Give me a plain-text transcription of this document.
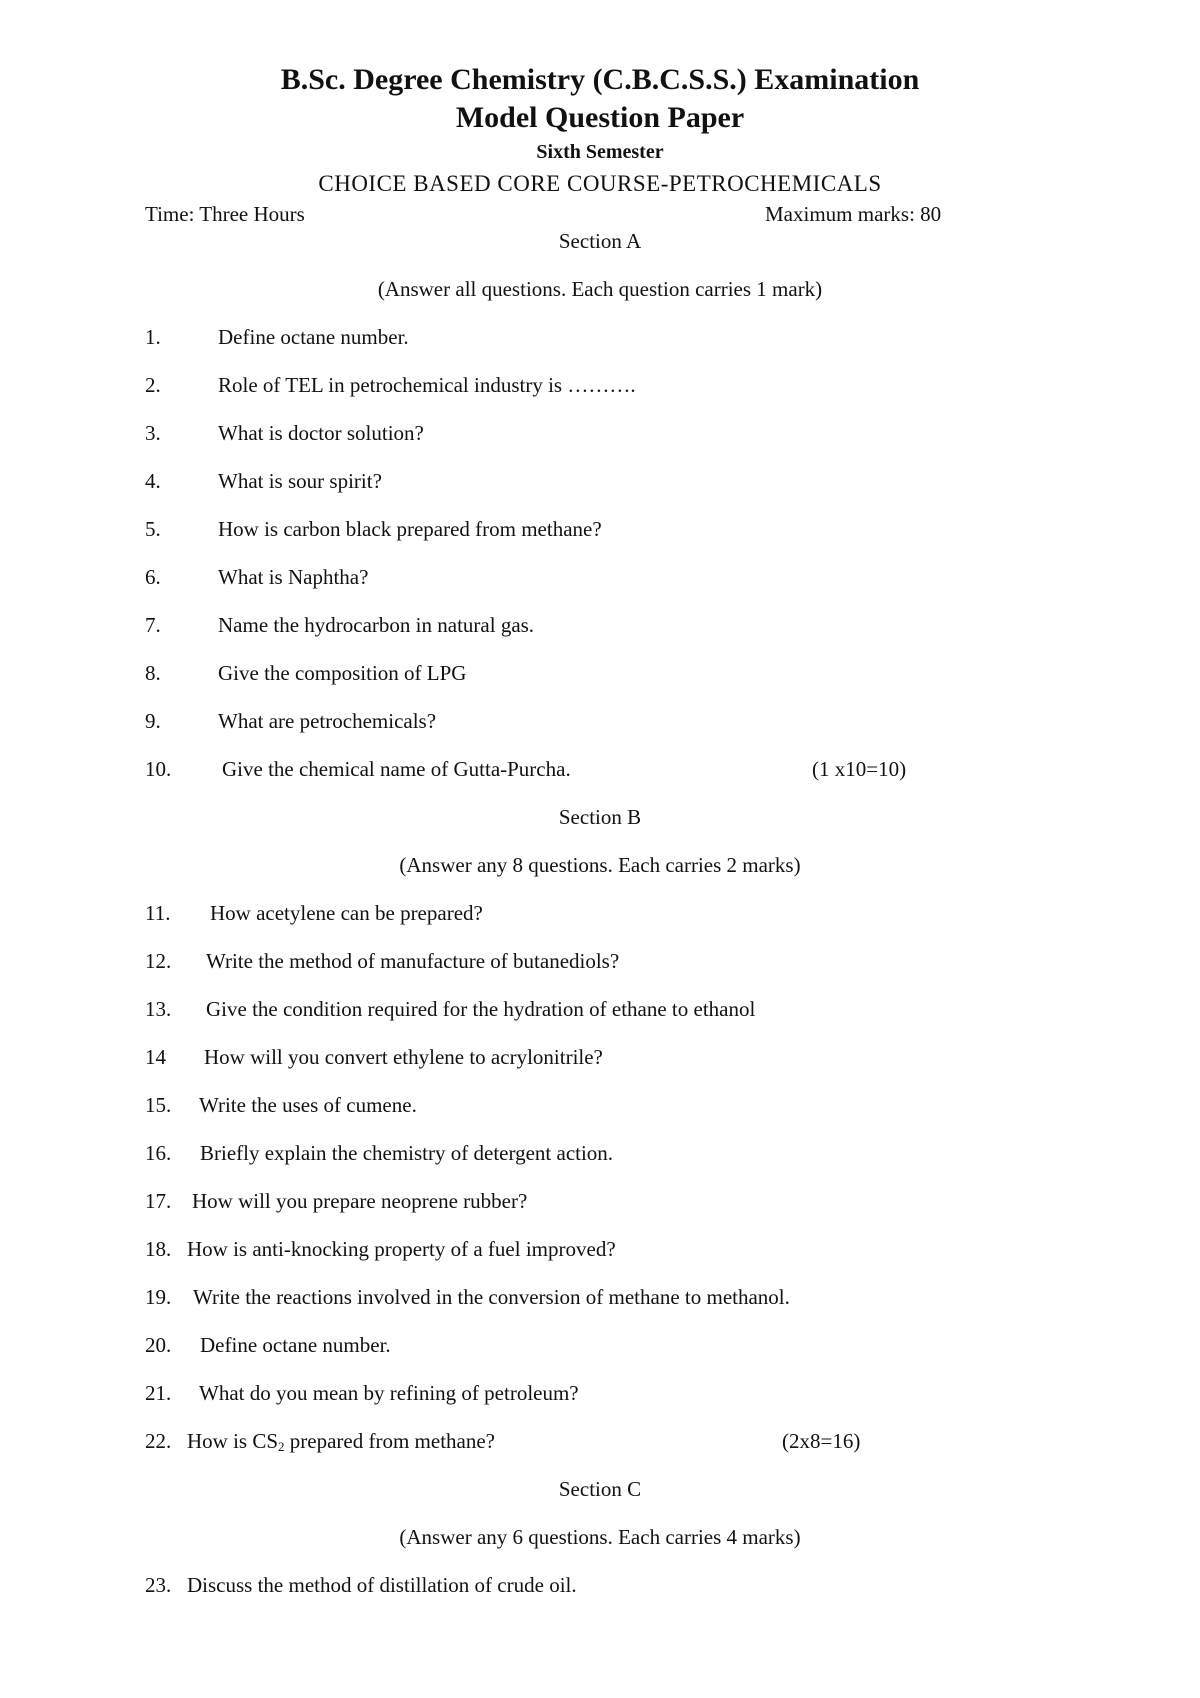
B.Sc. Degree Chemistry (C.B.C.S.S.) Examination
Model Question Paper
Sixth Semester
CHOICE BASED CORE COURSE-PETROCHEMICALS
Time: Three Hours	Maximum marks: 80
Section A
(Answer all questions. Each question carries 1 mark)
1.	Define octane number.
2.	Role of TEL in petrochemical industry is ……….
3.	What is doctor solution?
4.	What is sour spirit?
5.	How is carbon black prepared from methane?
6.	What is Naphtha?
7.	Name the hydrocarbon in natural gas.
8.	Give the composition of LPG
9.	What are petrochemicals?
10. Give the chemical name of Gutta-Purcha.	(1 x10=10)
Section B
(Answer any 8 questions. Each carries 2 marks)
11. How acetylene can be prepared?
12. Write the method of manufacture of butanediols?
13. Give the condition required for the hydration of ethane to ethanol
14 How will you convert ethylene to acrylonitrile?
15. Write the uses of cumene.
16. Briefly explain the chemistry of detergent action.
17. How will you prepare neoprene rubber?
18. How is anti-knocking property of a fuel improved?
19. Write the reactions involved in the conversion of methane to methanol.
20. Define octane number.
21. What do you mean by refining of petroleum?
22. How is $CS_2$ prepared from methane?	(2x8=16)
Section C
(Answer any 6 questions. Each carries 4 marks)
23. Discuss the method of distillation of crude oil.
